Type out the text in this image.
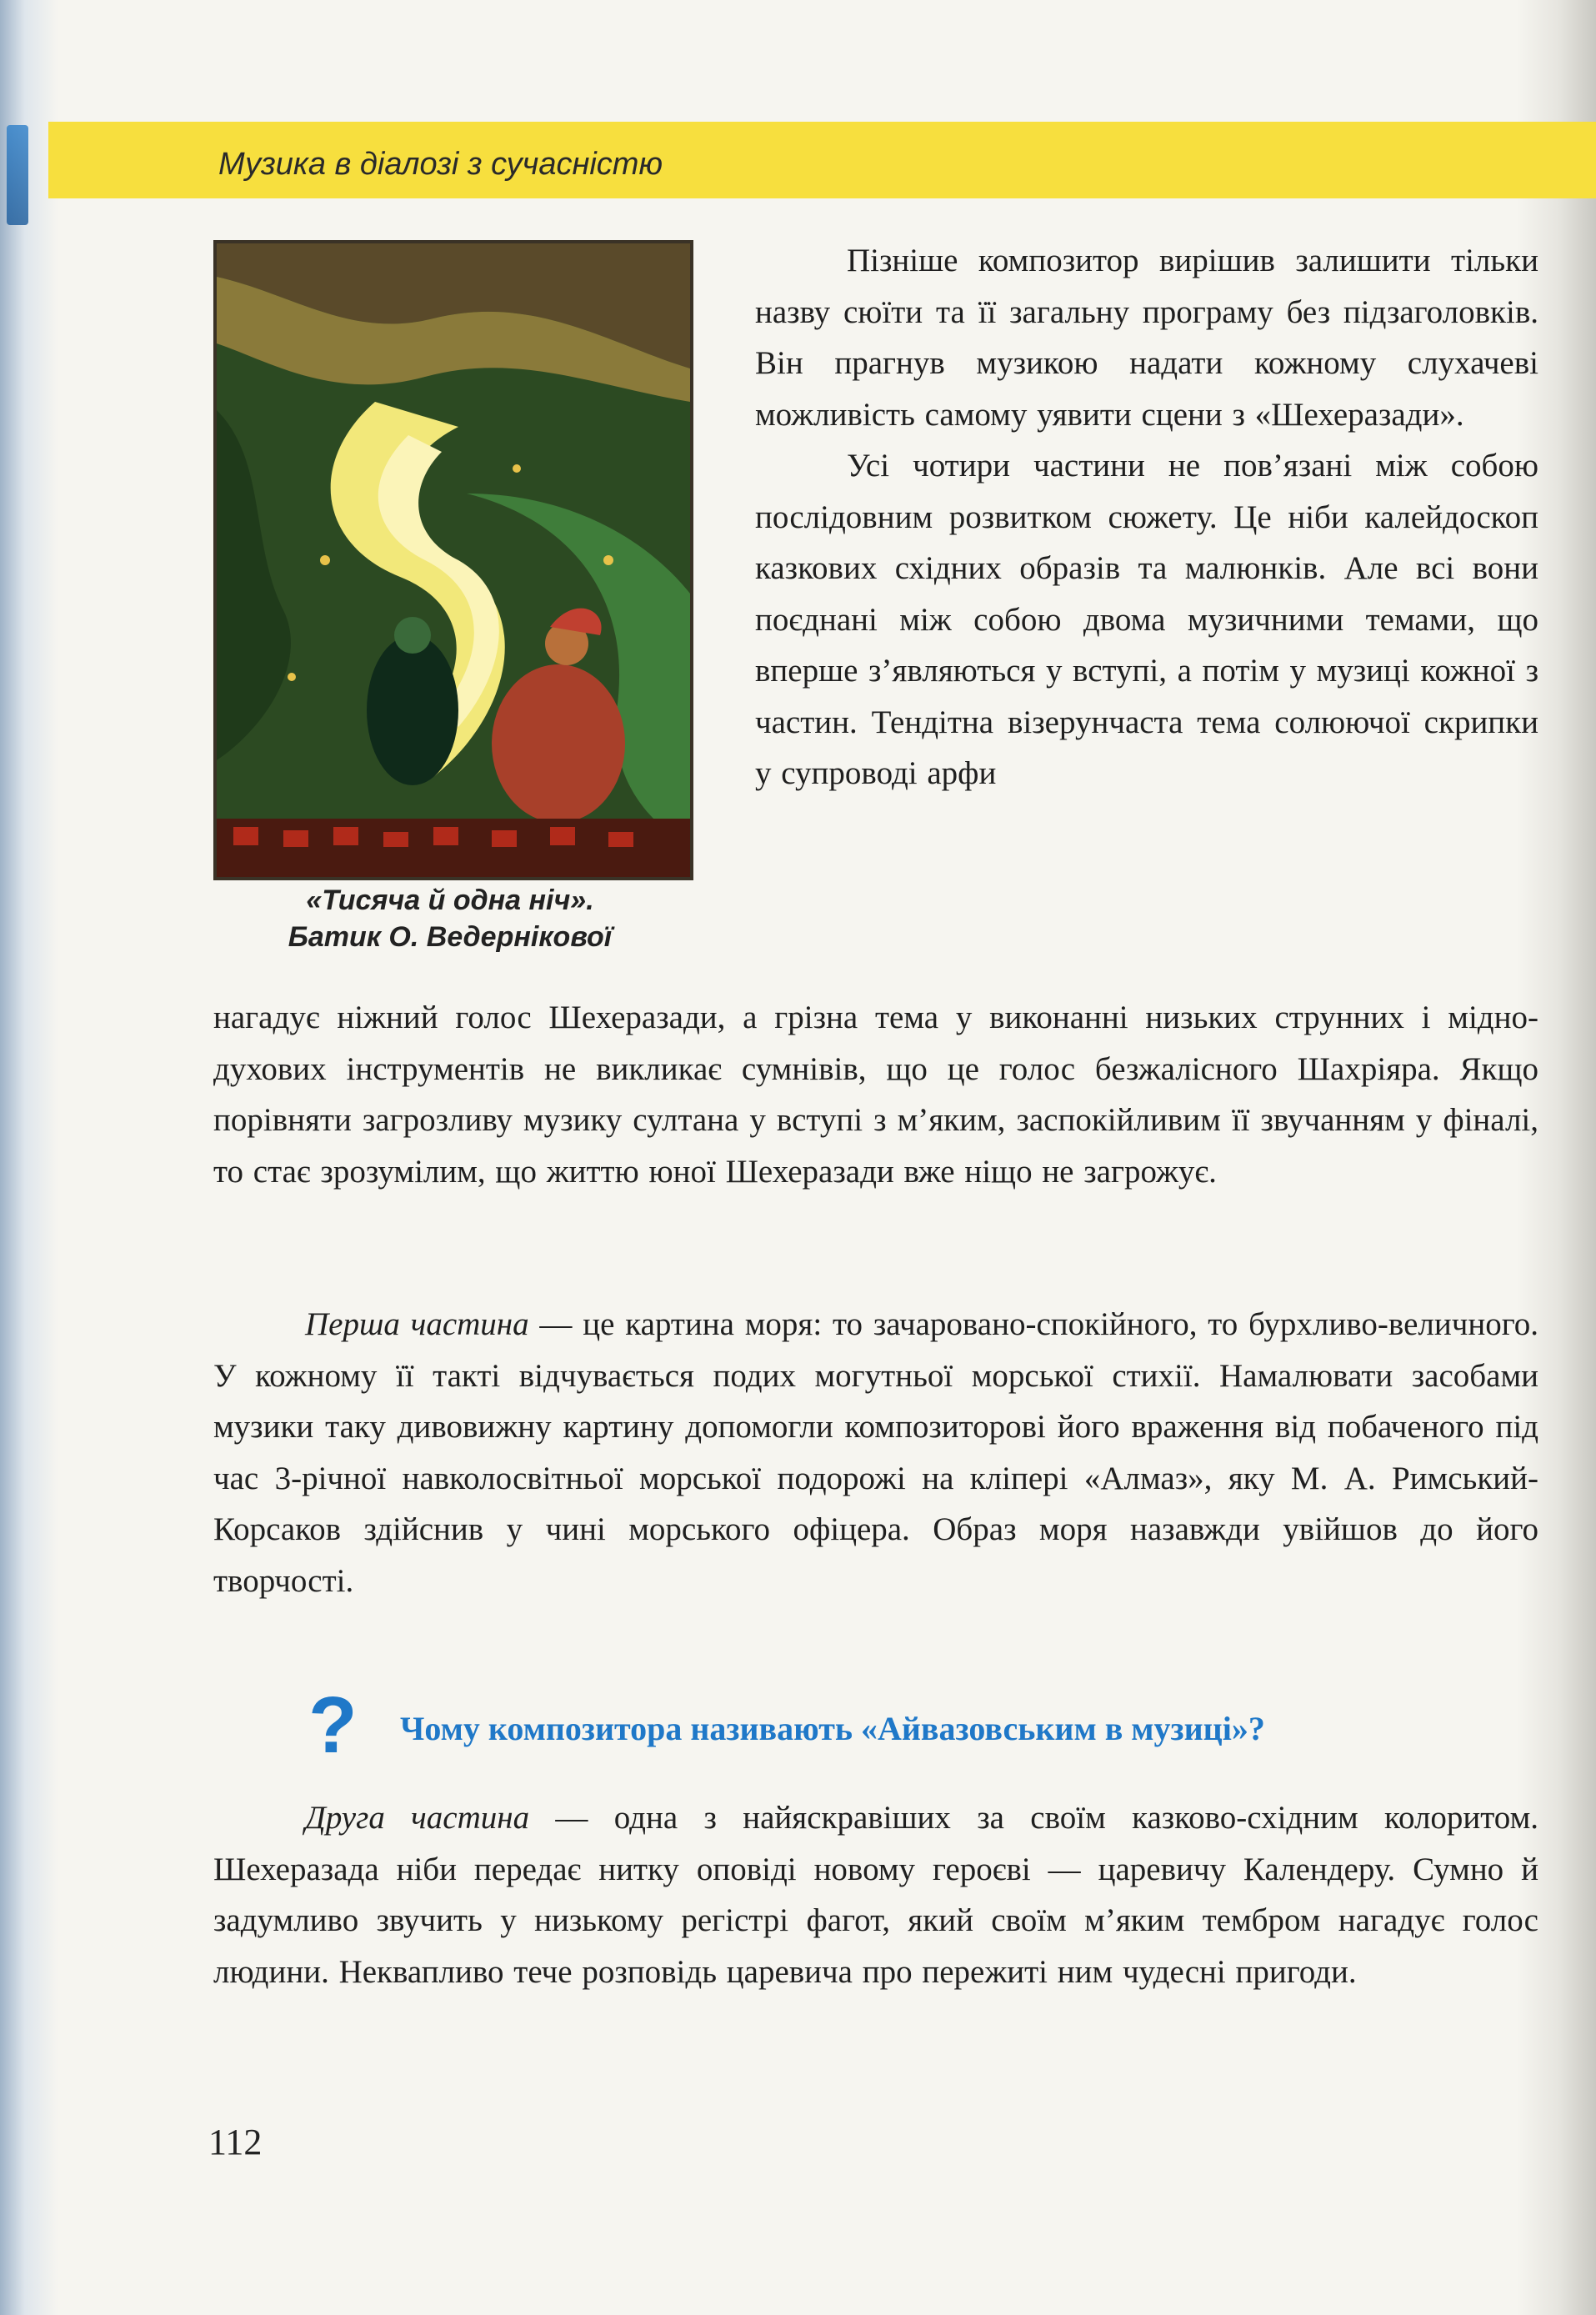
Музика в діалозі з сучасністю
«Тисяча й одна ніч».
Батик О. Ведернікової

Пізніше композитор вирішив залишити тільки назву сюїти та її загальну програму без підзаголовків. Він прагнув музикою надати кожному слухачеві можливість самому уявити сцени з «Шехеразади».

Усі чотири частини не пов’язані між собою послідовним розвитком сюжету. Це ніби калейдоскоп казкових східних образів та малюнків. Але всі вони поєднані між собою двома музичними темами, що вперше з’являються у вступі, а потім у музиці кожної з частин. Тендітна візерунчаста тема солюючої скрипки у супроводі арфи

нагадує ніжний голос Шехеразади, а грізна тема у виконанні низьких струнних і мідно-духових інструментів не викликає сумнівів, що це голос безжалісного Шахріяра. Якщо порівняти загрозливу музику султана у вступі з м’яким, заспокійливим її звучанням у фіналі, то стає зрозумілим, що життю юної Шехеразади вже ніщо не загрожує.

Перша частина — це картина моря: то зачаровано-спокійного, то бурхливо-величного. У кожному її такті відчувається подих могутньої морської стихії. Намалювати засобами музики таку дивовижну картину допомогли композиторові його враження від побаченого під час 3-річної навколосвітньої морської подорожі на кліпері «Алмаз», яку М. А. Римський-Корсаков здійснив у чині морського офіцера. Образ моря назавжди увійшов до його творчості.

? Чому композитора називають «Айвазовським в музиці»?

Друга частина — одна з найяскравіших за своїм казково-східним колоритом. Шехеразада ніби передає нитку оповіді новому героєві — царевичу Календеру. Сумно й задумливо звучить у низькому регістрі фагот, який своїм м’яким тембром нагадує голос людини. Неквапливо тече розповідь царевича про пережиті ним чудесні пригоди.

112
